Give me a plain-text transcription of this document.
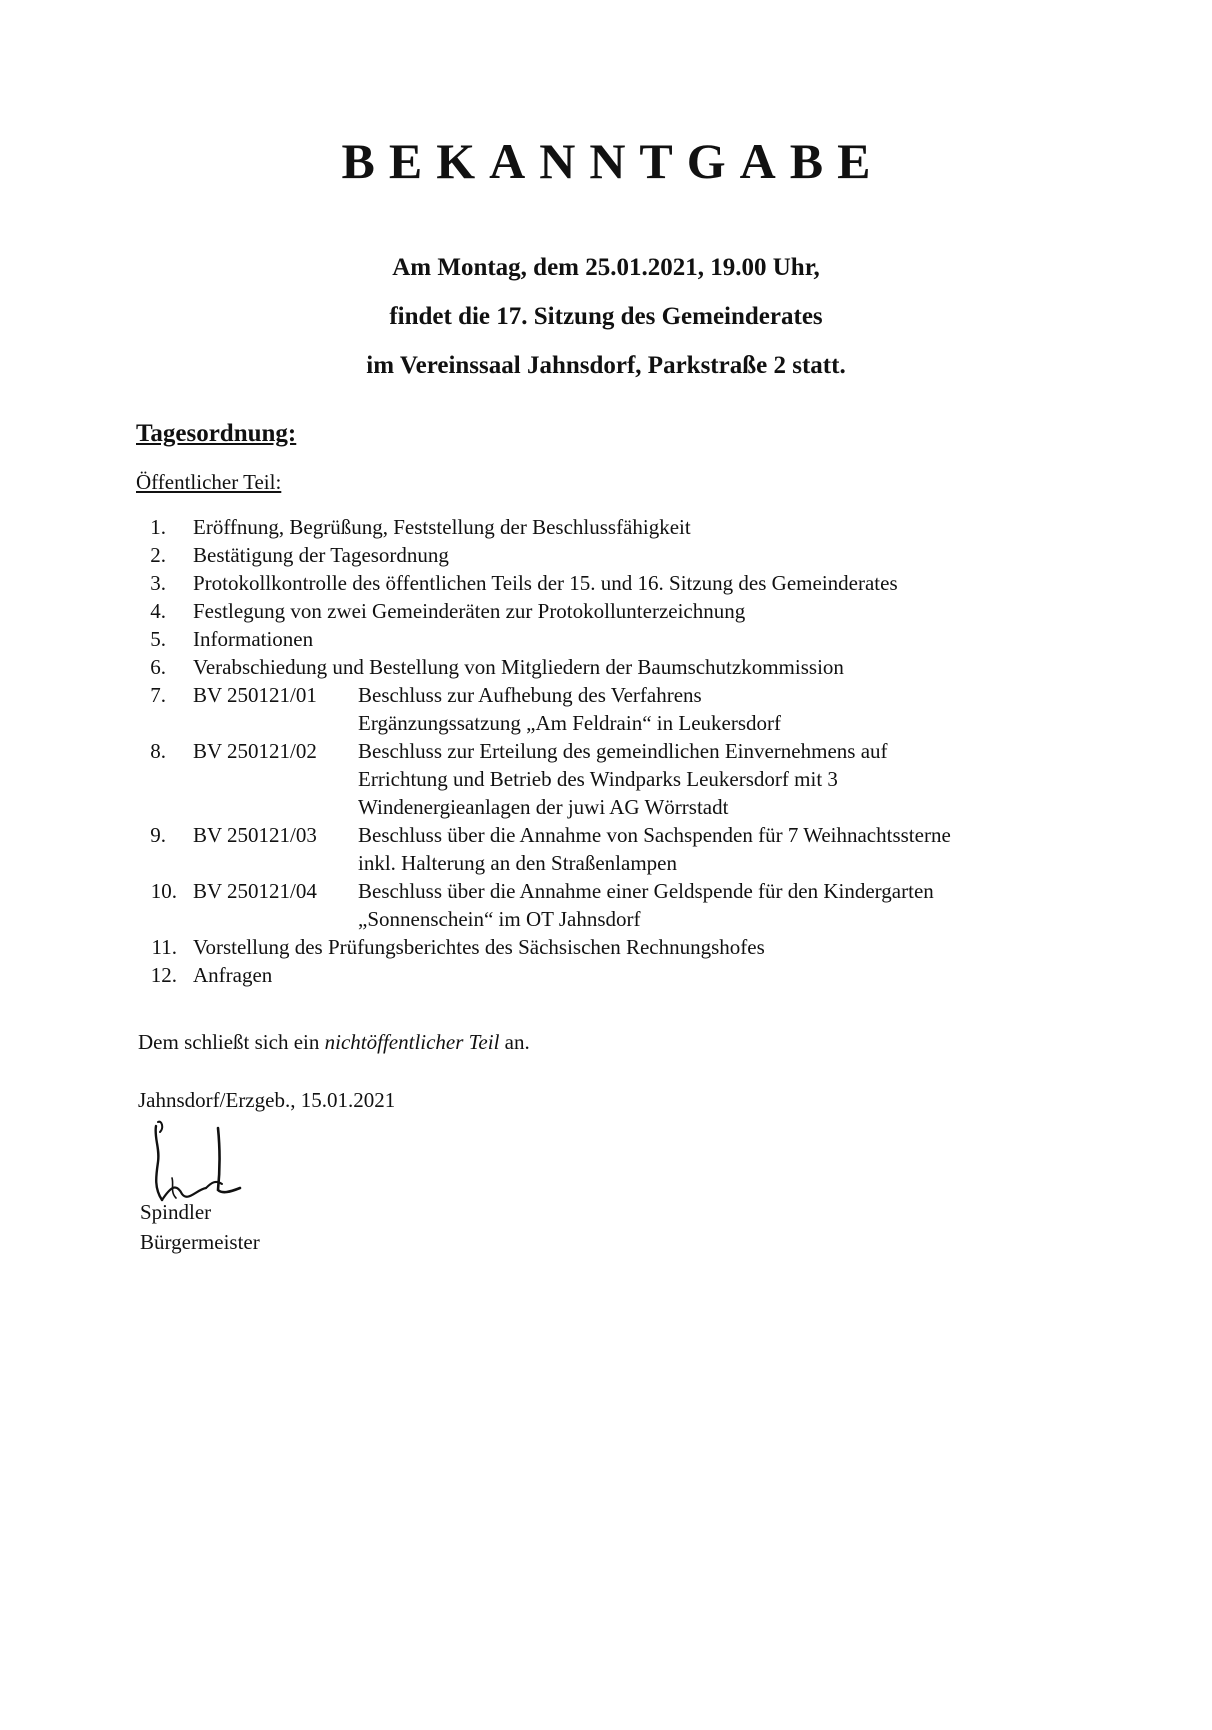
BEKANNTGABE
Am Montag, dem 25.01.2021, 19.00 Uhr,
findet die 17. Sitzung des Gemeinderates
im Vereinssaal Jahnsdorf, Parkstraße 2 statt.
Tagesordnung:
Öffentlicher Teil:
1. Eröffnung, Begrüßung, Feststellung der Beschlussfähigkeit
2. Bestätigung der Tagesordnung
3. Protokollkontrolle des öffentlichen Teils der 15. und 16. Sitzung des Gemeinderates
4. Festlegung von zwei Gemeinderäten zur Protokollunterzeichnung
5. Informationen
6. Verabschiedung und Bestellung von Mitgliedern der Baumschutzkommission
7. BV 250121/01 Beschluss zur Aufhebung des Verfahrens
Ergänzungssatzung „Am Feldrain“ in Leukersdorf
8. BV 250121/02 Beschluss zur Erteilung des gemeindlichen Einvernehmens auf
Errichtung und Betrieb des Windparks Leukersdorf mit 3
Windenergieanlagen der juwi AG Wörrstadt
9. BV 250121/03 Beschluss über die Annahme von Sachspenden für 7 Weihnachtssterne
inkl. Halterung an den Straßenlampen
10. BV 250121/04 Beschluss über die Annahme einer Geldspende für den Kindergarten
„Sonnenschein“ im OT Jahnsdorf
11. Vorstellung des Prüfungsberichtes des Sächsischen Rechnungshofes
12. Anfragen
Dem schließt sich ein nichtöffentlicher Teil an.
Jahnsdorf/Erzgeb., 15.01.2021
Spindler
Bürgermeister
